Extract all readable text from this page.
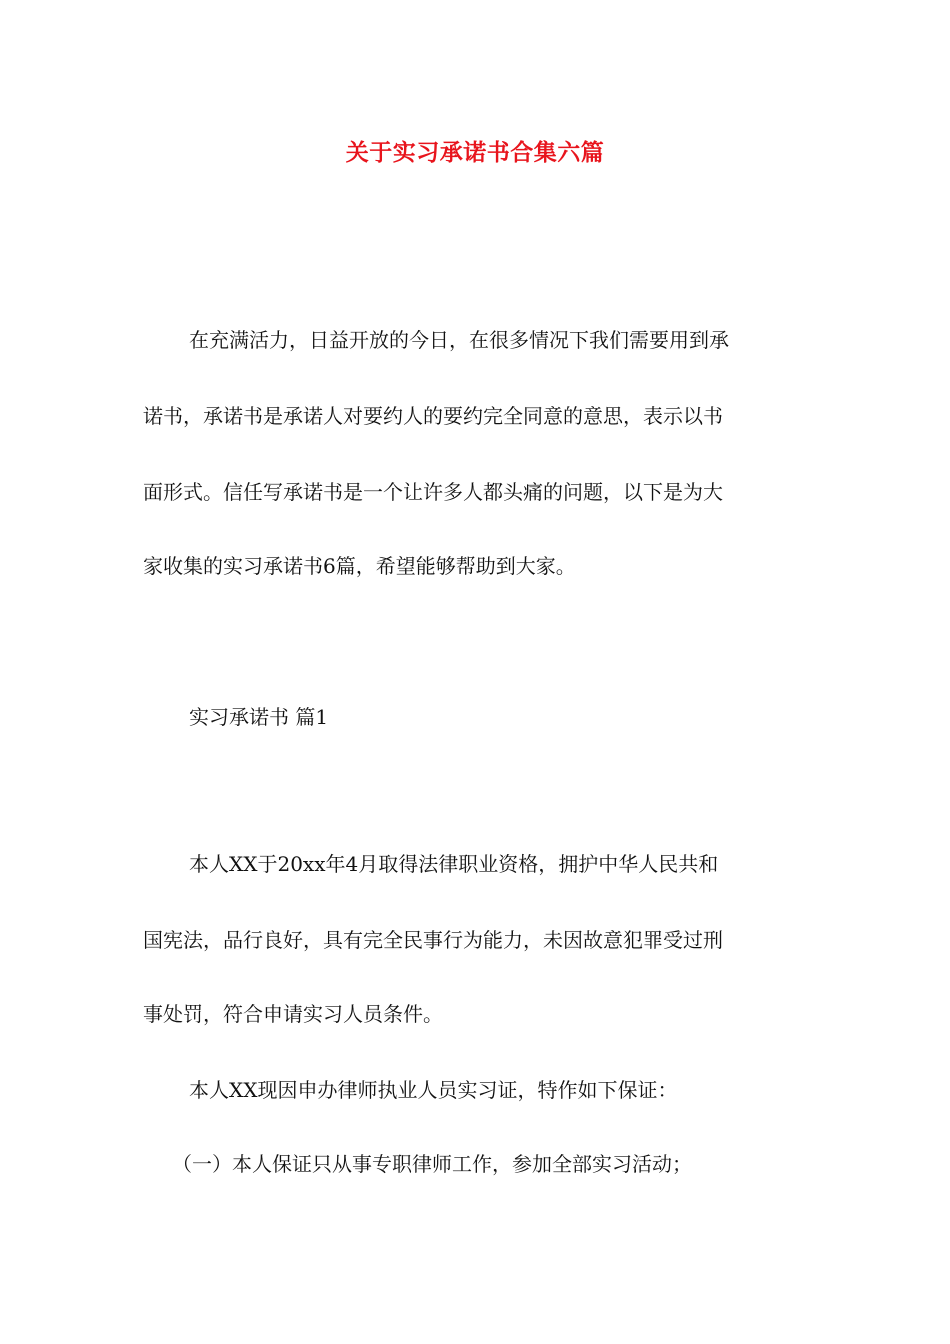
关于实习承诺书合集六篇
在充满活力，日益开放的今日，在很多情况下我们需要用到承
诺书，承诺书是承诺人对要约人的要约完全同意的意思，表示以书
面形式。信任写承诺书是一个让许多人都头痛的问题，以下是为大
家收集的实习承诺书6篇，希望能够帮助到大家。
实习承诺书 篇1
本人XX于20xx年4月取得法律职业资格，拥护中华人民共和
国宪法，品行良好，具有完全民事行为能力，未因故意犯罪受过刑
事处罚，符合申请实习人员条件。
本人XX现因申办律师执业人员实习证，特作如下保证：
（一）本人保证只从事专职律师工作，参加全部实习活动；
